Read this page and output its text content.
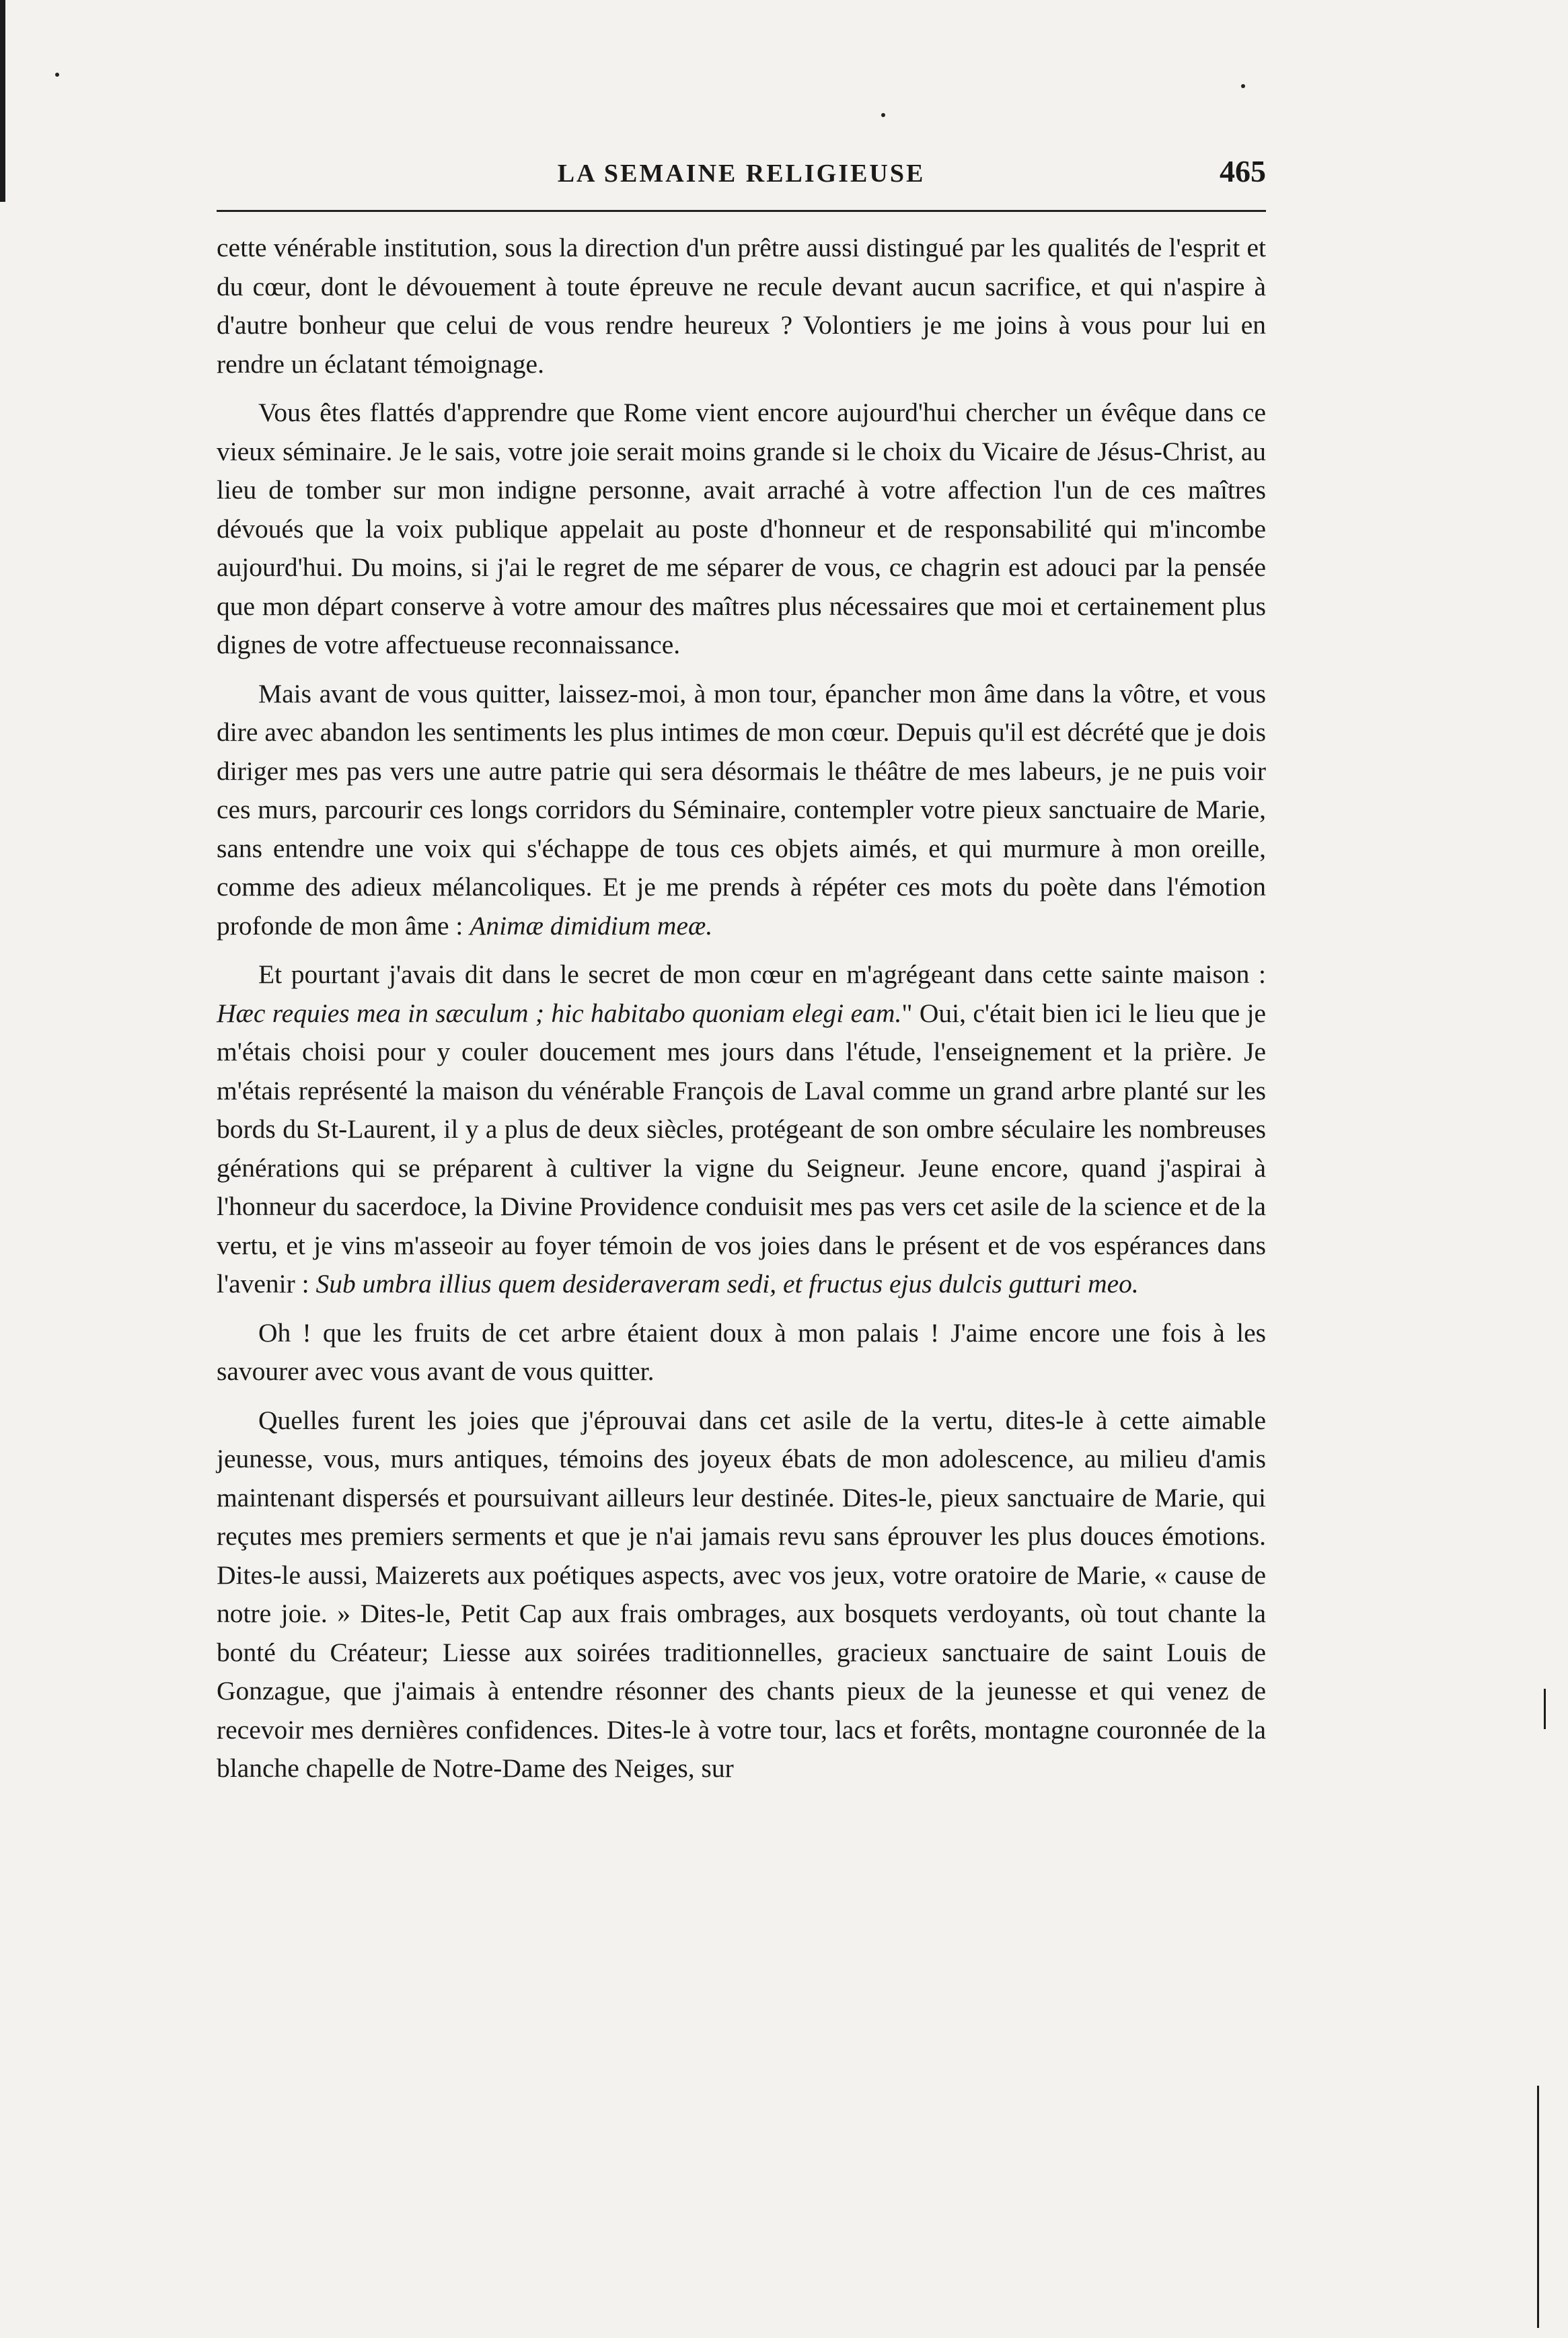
LA SEMAINE RELIGIEUSE	465

cette vénérable institution, sous la direction d'un prêtre aussi distingué par les qualités de l'esprit et du cœur, dont le dévouement à toute épreuve ne recule devant aucun sacrifice, et qui n'aspire à d'autre bonheur que celui de vous rendre heureux ? Volontiers je me joins à vous pour lui en rendre un éclatant témoignage.

Vous êtes flattés d'apprendre que Rome vient encore aujourd'hui chercher un évêque dans ce vieux séminaire. Je le sais, votre joie serait moins grande si le choix du Vicaire de Jésus-Christ, au lieu de tomber sur mon indigne personne, avait arraché à votre affection l'un de ces maîtres dévoués que la voix publique appelait au poste d'honneur et de responsabilité qui m'incombe aujourd'hui. Du moins, si j'ai le regret de me séparer de vous, ce chagrin est adouci par la pensée que mon départ conserve à votre amour des maîtres plus nécessaires que moi et certainement plus dignes de votre affectueuse reconnaissance.

Mais avant de vous quitter, laissez-moi, à mon tour, épancher mon âme dans la vôtre, et vous dire avec abandon les sentiments les plus intimes de mon cœur. Depuis qu'il est décrété que je dois diriger mes pas vers une autre patrie qui sera désormais le théâtre de mes labeurs, je ne puis voir ces murs, parcourir ces longs corridors du Séminaire, contempler votre pieux sanctuaire de Marie, sans entendre une voix qui s'échappe de tous ces objets aimés, et qui murmure à mon oreille, comme des adieux mélancoliques. Et je me prends à répéter ces mots du poète dans l'émotion profonde de mon âme : Animæ dimidium meæ.

Et pourtant j'avais dit dans le secret de mon cœur en m'agrégeant dans cette sainte maison : Hæc requies mea in sæculum ; hic habitabo quoniam elegi eam." Oui, c'était bien ici le lieu que je m'étais choisi pour y couler doucement mes jours dans l'étude, l'enseignement et la prière. Je m'étais représenté la maison du vénérable François de Laval comme un grand arbre planté sur les bords du St-Laurent, il y a plus de deux siècles, protégeant de son ombre séculaire les nombreuses générations qui se préparent à cultiver la vigne du Seigneur. Jeune encore, quand j'aspirai à l'honneur du sacerdoce, la Divine Providence conduisit mes pas vers cet asile de la science et de la vertu, et je vins m'asseoir au foyer témoin de vos joies dans le présent et de vos espérances dans l'avenir : Sub umbra illius quem desideraveram sedi, et fructus ejus dulcis gutturi meo.

Oh ! que les fruits de cet arbre étaient doux à mon palais ! J'aime encore une fois à les savourer avec vous avant de vous quitter.

Quelles furent les joies que j'éprouvai dans cet asile de la vertu, dites-le à cette aimable jeunesse, vous, murs antiques, témoins des joyeux ébats de mon adolescence, au milieu d'amis maintenant dispersés et poursuivant ailleurs leur destinée. Dites-le, pieux sanctuaire de Marie, qui reçutes mes premiers serments et que je n'ai jamais revu sans éprouver les plus douces émotions. Dites-le aussi, Maizerets aux poétiques aspects, avec vos jeux, votre oratoire de Marie, « cause de notre joie. » Dites-le, Petit Cap aux frais ombrages, aux bosquets verdoyants, où tout chante la bonté du Créateur; Liesse aux soirées traditionnelles, gracieux sanctuaire de saint Louis de Gonzague, que j'aimais à entendre résonner des chants pieux de la jeunesse et qui venez de recevoir mes dernières confidences. Dites-le à votre tour, lacs et forêts, montagne couronnée de la blanche chapelle de Notre-Dame des Neiges, sur
